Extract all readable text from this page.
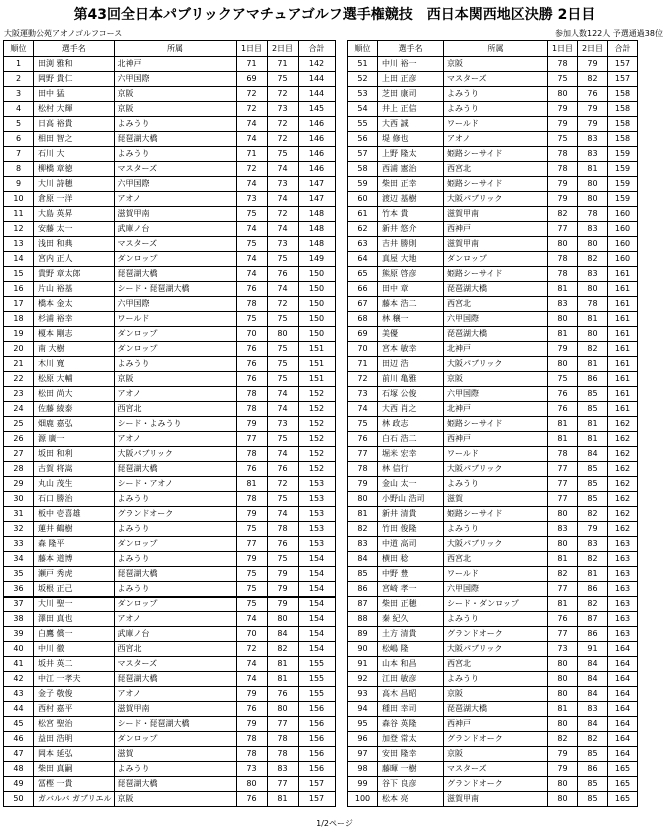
第43回全日本パブリックアマチュアゴルフ選手権競技　西日本関西地区決勝 2日目
大阪運動公苑アオノゴルフコース	参加人数122人 予選通過38位
順位	選手名	所属	1日目	2日目	合計
1	田渕 雅和	北神戸	71	71	142
2	岡野 貴仁	六甲国際	69	75	144
3	田中 猛	京阪	72	72	144
4	松村 大輝	京阪	72	73	145
5	日高 裕貴	よみうり	74	72	146
6	相田 智之	琵琶湖大橋	74	72	146
7	石川 大	よみうり	71	75	146
8	柳橋 章徳	マスターズ	72	74	146
9	大川 詩穂	六甲国際	74	73	147
10	倉原 一洋	アオノ	73	74	147
11	大島 英昇	滋賀甲南	75	72	148
12	安藤 太一	武庫ノ台	74	74	148
13	浅田 和典	マスターズ	75	73	148
14	宮内 正人	ダンロップ	74	75	149
15	貴野 章太郎	琵琶湖大橋	74	76	150
16	片山 裕基	シード・琵琶湖大橋	76	74	150
17	橋本 金太	六甲国際	78	72	150
18	杉浦 裕幸	ワールド	75	75	150
19	榎本 剛志	ダンロップ	70	80	150
20	南 大樹	ダンロップ	76	75	151
21	木川 寛	よみうり	76	75	151
22	松原 大輔	京阪	76	75	151
23	松田 尚大	アオノ	78	74	152
24	佐藤 綾泰	西宮北	78	74	152
25	畑鹿 嘉弘	シード・よみうり	79	73	152
26	源 廣一	アオノ	77	75	152
27	坂田 和利	大阪パブリック	78	74	152
28	古賀 将嵩	琵琶湖大橋	76	76	152
29	丸山 茂生	シード・アオノ	81	72	153
30	石口 勝治	よみうり	78	75	153
31	板中 壱喜雄	グランドオーク	79	74	153
32	蓮井 鶴樹	よみうり	75	78	153
33	森 隆平	ダンロップ	77	76	153
34	藤本 道博	よみうり	79	75	154
35	瀬戸 秀虎	琵琶湖大橋	75	79	154
36	坂根 正己	よみうり	75	79	154
37	大川 聖一	ダンロップ	75	79	154
38	澤田 真也	アオノ	74	80	154
39	白鷹 償一	武庫ノ台	70	84	154
40	中川 徹	西宮北	72	82	154
41	坂井 英二	マスターズ	74	81	155
42	中江 一孝夫	琵琶湖大橋	74	81	155
43	金子 敬俊	アオノ	79	76	155
44	西村 嘉平	滋賀甲南	76	80	156
45	松宮 聖治	シード・琵琶湖大橋	79	77	156
46	益田 浩明	ダンロップ	78	78	156
47	岡本 延弘	滋賀	78	78	156
48	柴田 真嗣	よみうり	73	83	156
49	冨樫 一貴	琵琶湖大橋	80	77	157
50	ガバルバ ガブリエル	京阪	76	81	157
順位	選手名	所属	1日目	2日目	合計
51	中川 裕一	京阪	78	79	157
52	上田 正彦	マスターズ	75	82	157
53	芝田 康司	よみうり	80	76	158
54	井上 正信	よみうり	79	79	158
55	大西 誠	ワールド	79	79	158
56	堤 修也	アオノ	75	83	158
57	上野 隆太	姫路シーサイド	78	83	159
58	西浦 憲治	西宮北	78	81	159
59	柴田 正幸	姫路シーサイド	79	80	159
60	渡辺 基樹	大阪パブリック	79	80	159
61	竹本 貴	滋賀甲南	82	78	160
62	新井 悠介	西神戸	77	83	160
63	吉井 勝則	滋賀甲南	80	80	160
64	真屋 大地	ダンロップ	78	82	160
65	熊原 啓彦	姫路シーサイド	78	83	161
66	田中 章	琵琶湖大橋	81	80	161
67	藤本 浩二	西宮北	83	78	161
68	林 穣一	六甲国際	80	81	161
69	美優	琵琶湖大橋	81	80	161
70	宮本 敏幸	北神戸	79	82	161
71	田辺 浩	大阪パブリック	80	81	161
72	前川 亀雅	京阪	75	86	161
73	石塚 公俊	六甲国際	76	85	161
74	大西 肖之	北神戸	76	85	161
75	林 政志	姫路シーサイド	81	81	162
76	白石 浩二	西神戸	81	81	162
77	堀米 宏幸	ワールド	78	84	162
78	林 信行	大阪パブリック	77	85	162
79	金山 太一	よみうり	77	85	162
80	小野山 浩司	滋賀	77	85	162
81	新井 清貴	姫路シーサイド	80	82	162
82	竹田 俊隆	よみうり	83	79	162
83	中道 高司	大阪パブリック	80	83	163
84	横田 稔	西宮北	81	82	163
85	中野 豊	ワールド	82	81	163
86	宮崎 孝一	六甲国際	77	86	163
87	柴田 正穂	シード・ダンロップ	81	82	163
88	秦 紀久	よみうり	76	87	163
89	土方 清貴	グランドオーク	77	86	163
90	松嶋 隆	大阪パブリック	73	91	164
91	山本 和昌	西宮北	80	84	164
92	江田 敏彦	よみうり	80	84	164
93	高木 昌昭	京阪	80	84	164
94	種田 幸司	琵琶湖大橋	81	83	164
95	森谷 英隆	西神戸	80	84	164
96	加登 常太	グランドオーク	82	82	164
97	安田 隆幸	京阪	79	85	164
98	藤暉 一樹	マスターズ	79	86	165
99	谷下 良彦	グランドオーク	80	85	165
100	松本 亮	滋賀甲南	80	85	165
1/2ページ
